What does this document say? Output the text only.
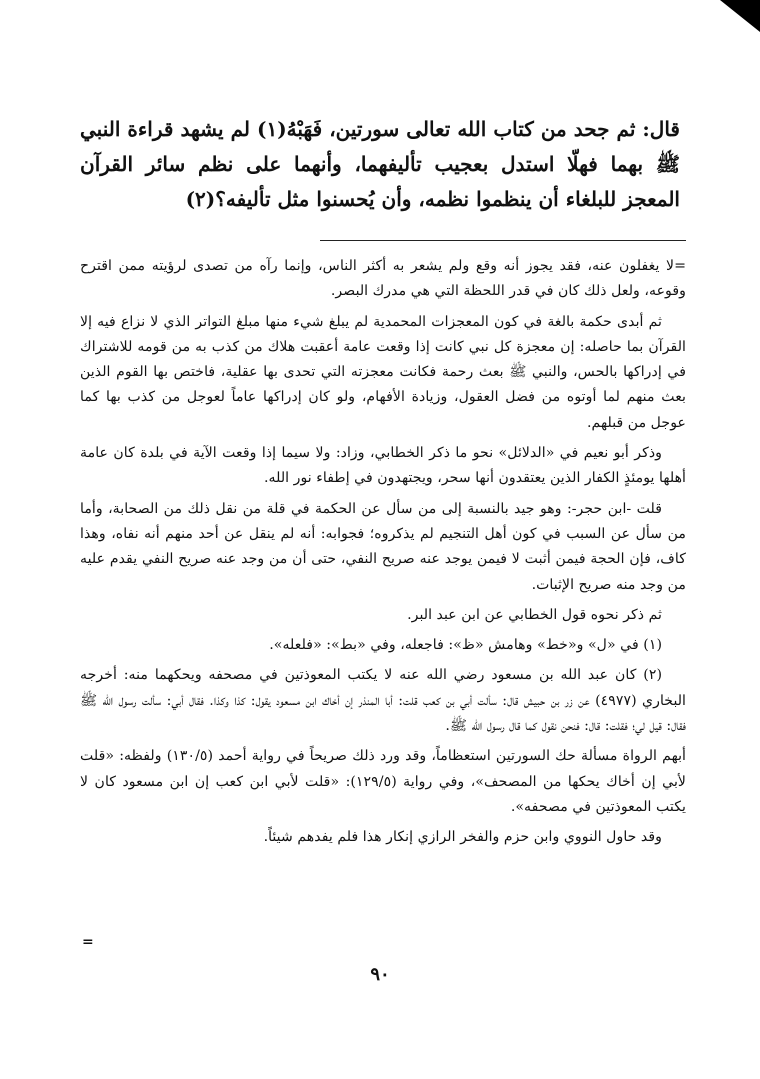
قال: ثم جحد من كتاب الله تعالى سورتين، فَهَبْهُ(١) لم يشهد قراءة النبي ﷺ بهما فهلّا استدل بعجيب تأليفهما، وأنهما على نظم سائر القرآن المعجز للبلغاء أن ينظموا نظمه، وأن يُحسنوا مثل تأليفه؟(٢)

=لا يغفلون عنه، فقد يجوز أنه وقع ولم يشعر به أكثر الناس، وإنما رآه من تصدى لرؤيته ممن اقترح وقوعه، ولعل ذلك كان في قدر اللحظة التي هي مدرك البصر.

ثم أبدى حكمة بالغة في كون المعجزات المحمدية لم يبلغ شيء منها مبلغ التواتر الذي لا نزاع فيه إلا القرآن بما حاصله: إن معجزة كل نبي كانت إذا وقعت عامة أعقبت هلاك من كذب به من قومه للاشتراك في إدراكها بالحس، والنبي ﷺ بعث رحمة فكانت معجزته التي تحدى بها عقلية، فاختص بها القوم الذين بعث منهم لما أوتوه من فضل العقول، وزيادة الأفهام، ولو كان إدراكها عاماً لعوجل من كذب بها كما عوجل من قبلهم.

وذكر أبو نعيم في «الدلائل» نحو ما ذكر الخطابي، وزاد: ولا سيما إذا وقعت الآية في بلدة كان عامة أهلها يومئذٍ الكفار الذين يعتقدون أنها سحر، ويجتهدون في إطفاء نور الله.

قلت -ابن حجر-: وهو جيد بالنسبة إلى من سأل عن الحكمة في قلة من نقل ذلك من الصحابة، وأما من سأل عن السبب في كون أهل التنجيم لم يذكروه؛ فجوابه: أنه لم ينقل عن أحد منهم أنه نفاه، وهذا كاف، فإن الحجة فيمن أثبت لا فيمن يوجد عنه صريح النفي، حتى أن من وجد عنه صريح النفي يقدم عليه من وجد منه صريح الإثبات.

ثم ذكر نحوه قول الخطابي عن ابن عبد البر.

(١) في «ل» و«خط» وهامش «ظ»: فاجعله، وفي «بط»: «فلعله».

(٢) كان عبد الله بن مسعود رضي الله عنه لا يكتب المعوذتين في مصحفه ويحكهما منه: أخرجه البخاري (٤٩٧٧) عن زر بن حبيش قال: سألت أبي بن كعب قلت: أبا المنذر إن أخاك ابن مسعود يقول: كذا وكذا. فقال أبي: سألت رسول الله ﷺ فقال: قيل لي؛ فقلت: قال: فنحن نقول كما قال رسول الله ﷺ.

أبهم الرواة مسألة حك السورتين استعظاماً، وقد ورد ذلك صريحاً في رواية أحمد (١٣٠/٥) ولفظه: «قلت لأبي إن أخاك يحكها من المصحف»، وفي رواية (١٢٩/٥): «قلت لأبي ابن كعب إن ابن مسعود كان لا يكتب المعوذتين في مصحفه».

وقد حاول النووي وابن حزم والفخر الرازي إنكار هذا فلم يفدهم شيئاً.

=
٩٠
